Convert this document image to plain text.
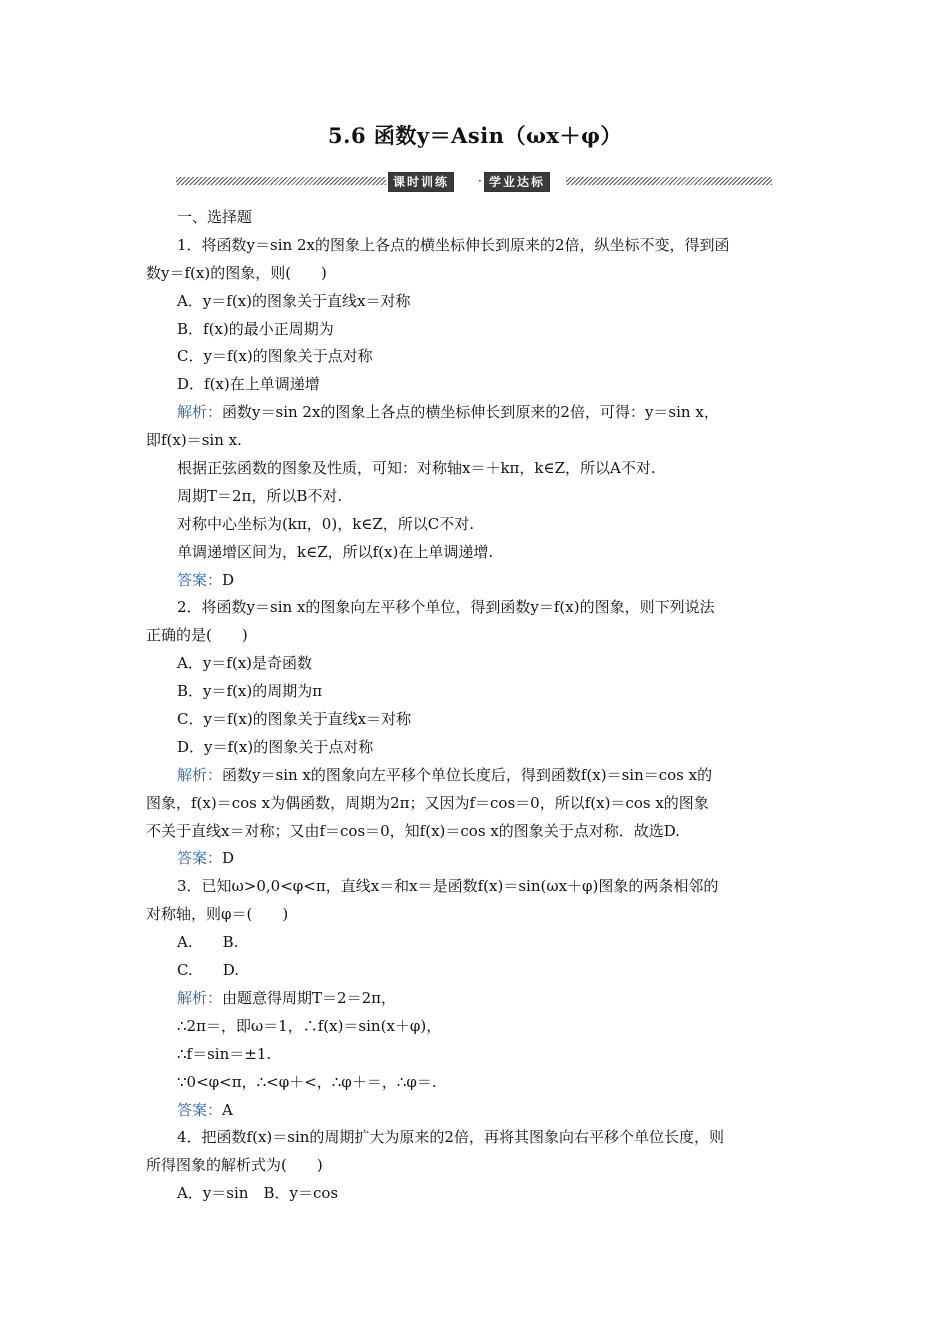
5.6 函数y＝Asin（ωx＋φ）
课时训练	· 学业达标
一、选择题
1．将函数y＝sin 2x的图象上各点的横坐标伸长到原来的2倍，纵坐标不变，得到函
数y＝f(x)的图象，则(　　)
A．y＝f(x)的图象关于直线x＝对称
B．f(x)的最小正周期为
C．y＝f(x)的图象关于点对称
D．f(x)在上单调递增
解析：函数y＝sin 2x的图象上各点的横坐标伸长到原来的2倍，可得：y＝sin x，
即f(x)＝sin x.
根据正弦函数的图象及性质，可知：对称轴x＝＋kπ，k∈Z，所以A不对.
周期T＝2π，所以B不对.
对称中心坐标为(kπ，0)，k∈Z，所以C不对.
单调递增区间为，k∈Z，所以f(x)在上单调递增.
答案：D
2．将函数y＝sin x的图象向左平移个单位，得到函数y＝f(x)的图象，则下列说法
正确的是(　　)
A．y＝f(x)是奇函数
B．y＝f(x)的周期为π
C．y＝f(x)的图象关于直线x＝对称
D．y＝f(x)的图象关于点对称
解析：函数y＝sin x的图象向左平移个单位长度后，得到函数f(x)＝sin＝cos x的
图象，f(x)＝cos x为偶函数，周期为2π；又因为f＝cos＝0，所以f(x)＝cos x的图象
不关于直线x＝对称；又由f＝cos＝0，知f(x)＝cos x的图象关于点对称．故选D.
答案：D
3．已知ω>0,0<φ<π，直线x＝和x＝是函数f(x)＝sin(ωx＋φ)图象的两条相邻的
对称轴，则φ＝(　　)
A.　　B.
C.　　D.
解析：由题意得周期T＝2＝2π，
∴2π＝，即ω＝1，∴f(x)＝sin(x＋φ)，
∴f＝sin＝±1.
∵0<φ<π，∴<φ＋<，∴φ＋＝，∴φ＝.
答案：A
4．把函数f(x)＝sin的周期扩大为原来的2倍，再将其图象向右平移个单位长度，则
所得图象的解析式为(　　)
A．y＝sin　B．y＝cos
